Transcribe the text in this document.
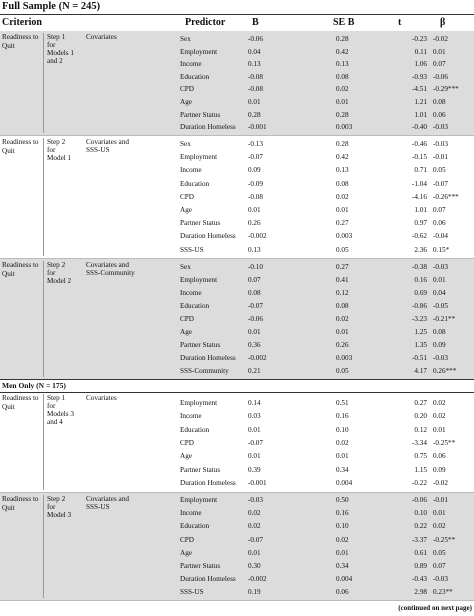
Full Sample (N = 245)
Criterion	Predictor	B	SE B	t	β
Readiness to Quit
Step 1 for Models 1 and 2
Covariates	Sex	-0.06	0.28	-0.23 -0.02
Employment	0.04	0.42	0.11 0.01
Income	0.13	0.13	1.06 0.07
Education	-0.08	0.08	-0.93 -0.06
CPD	-0.08	0.02	-4.51 -0.29***
Age	0.01	0.01	1.21 0.08
Partner Status	0.28	0.28	1.01 0.06
Duration Homeless -0.001	0.003	-0.40 -0.03
Readiness to Quit
Step 2 for Model 1
Covariates and SSS-US
Sex	-0.13	0.28	-0.46 -0.03
Employment	-0.07	0.42	-0.15 -0.01
Income	0.09	0.13	0.71 0.05
Education	-0.09	0.08	-1.04 -0.07
CPD	-0.08	0.02	-4.16 -0.26***
Age	0.01	0.01	1.01 0.07
Partner Status	0.26	0.27	0.97 0.06
Duration Homeless -0.002	0.003	-0.62 -0.04
SSS-US	0.13	0.05	2.36 0.15*
Readiness to Quit
Step 2 for Model 2
Covariates and SSS-Community
Sex	-0.10	0.27	-0.38 -0.03
Employment	0.07	0.41	0.16 0.01
Income	0.08	0.12	0.69 0.04
Education	-0.07	0.08	-0.86 -0.05
CPD	-0.06	0.02	-3.23 -0.21**
Age	0.01	0.01	1.25 0.08
Partner Status	0.36	0.26	1.35 0.09
Duration Homeless -0.002	0.003	-0.51 -0.03
SSS-Community	0.21	0.05	4.17 0.26***
Men Only (N = 175)
Readiness to Quit
Step 1 for Models 3 and 4
Covariates
Employment	0.14	0.51	0.27 0.02
Income	0.03	0.16	0.20 0.02
Education	0.01	0.10	0.12 0.01
CPD	-0.07	0.02	-3.34 -0.25**
Age	0.01	0.01	0.75 0.06
Partner Status	0.39	0.34	1.15 0.09
Duration Homeless -0.001	0.004	-0.22 -0.02
Readiness to Quit
Step 2 for Model 3
Covariates and SSS-US
Employment	-0.03	0.50	-0.06 -0.01
Income	0.02	0.16	0.10 0.01
Education	0.02	0.10	0.22 0.02
CPD	-0.07	0.02	-3.37 -0.25**
Age	0.01	0.01	0.61 0.05
Partner Status	0.30	0.34	0.89 0.07
Duration Homeless -0.002	0.004	-0.43 -0.03
SSS-US	0.19	0.06	2.98 0.23**
(continued on next page)
